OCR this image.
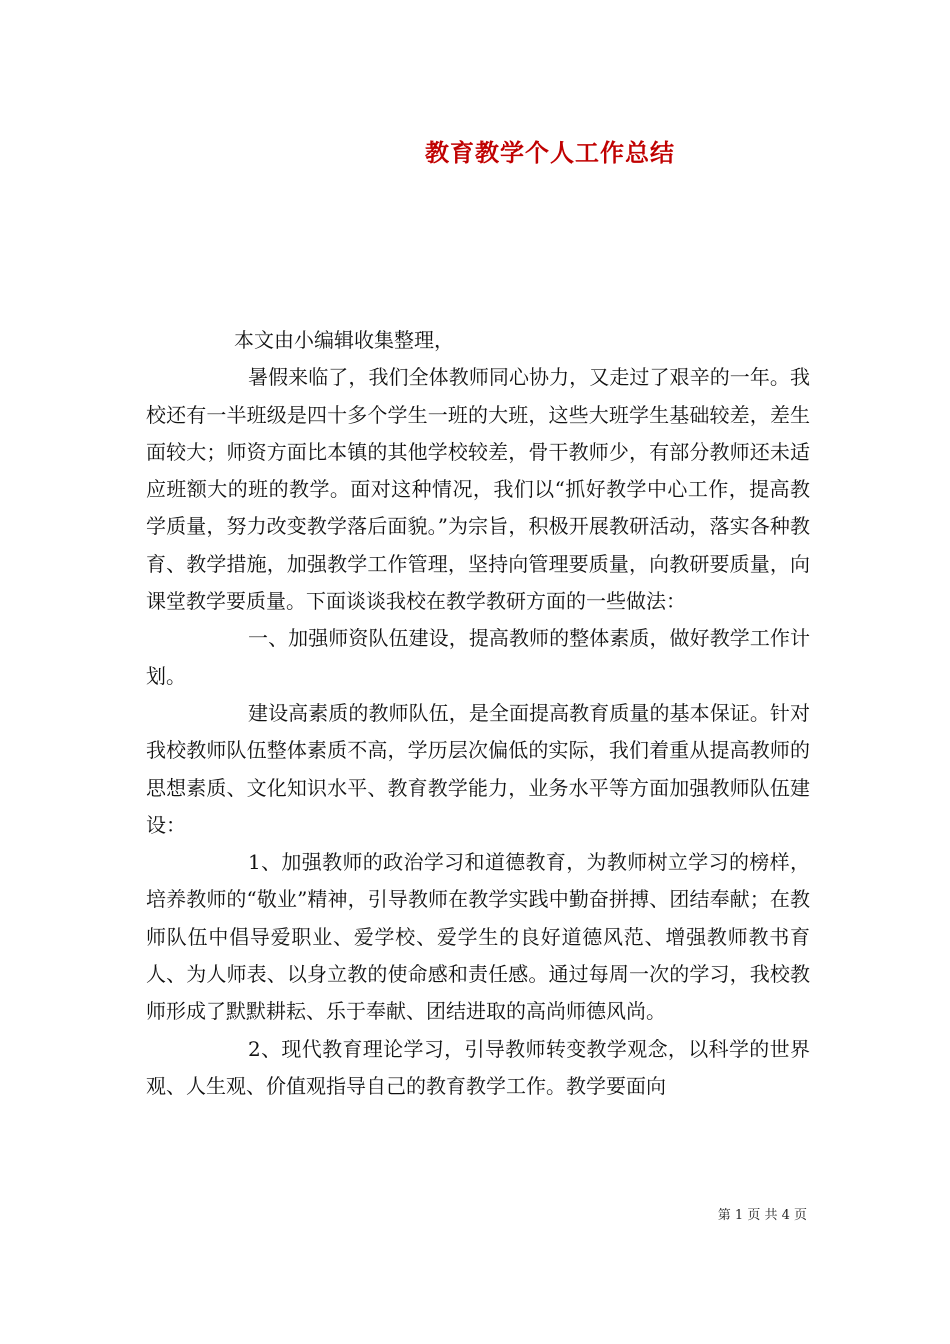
教育教学个人工作总结

本文由小编辑收集整理，

暑假来临了，我们全体教师同心协力，又走过了艰辛的一年。我校还有一半班级是四十多个学生一班的大班，这些大班学生基础较差，差生面较大；师资方面比本镇的其他学校较差，骨干教师少，有部分教师还未适应班额大的班的教学。面对这种情况，我们以“抓好教学中心工作，提高教学质量，努力改变教学落后面貌。”为宗旨，积极开展教研活动，落实各种教育、教学措施，加强教学工作管理，坚持向管理要质量，向教研要质量，向课堂教学要质量。下面谈谈我校在教学教研方面的一些做法：

一、加强师资队伍建设，提高教师的整体素质，做好教学工作计划。

建设高素质的教师队伍，是全面提高教育质量的基本保证。针对我校教师队伍整体素质不高，学历层次偏低的实际，我们着重从提高教师的思想素质、文化知识水平、教育教学能力，业务水平等方面加强教师队伍建设：

1、加强教师的政治学习和道德教育，为教师树立学习的榜样，培养教师的“敬业”精神，引导教师在教学实践中勤奋拼搏、团结奉献；在教师队伍中倡导爱职业、爱学校、爱学生的良好道德风范、增强教师教书育人、为人师表、以身立教的使命感和责任感。通过每周一次的学习，我校教师形成了默默耕耘、乐于奉献、团结进取的高尚师德风尚。

2、现代教育理论学习，引导教师转变教学观念，以科学的世界观、人生观、价值观指导自己的教育教学工作。教学要面向

第 1 页 共 4 页
